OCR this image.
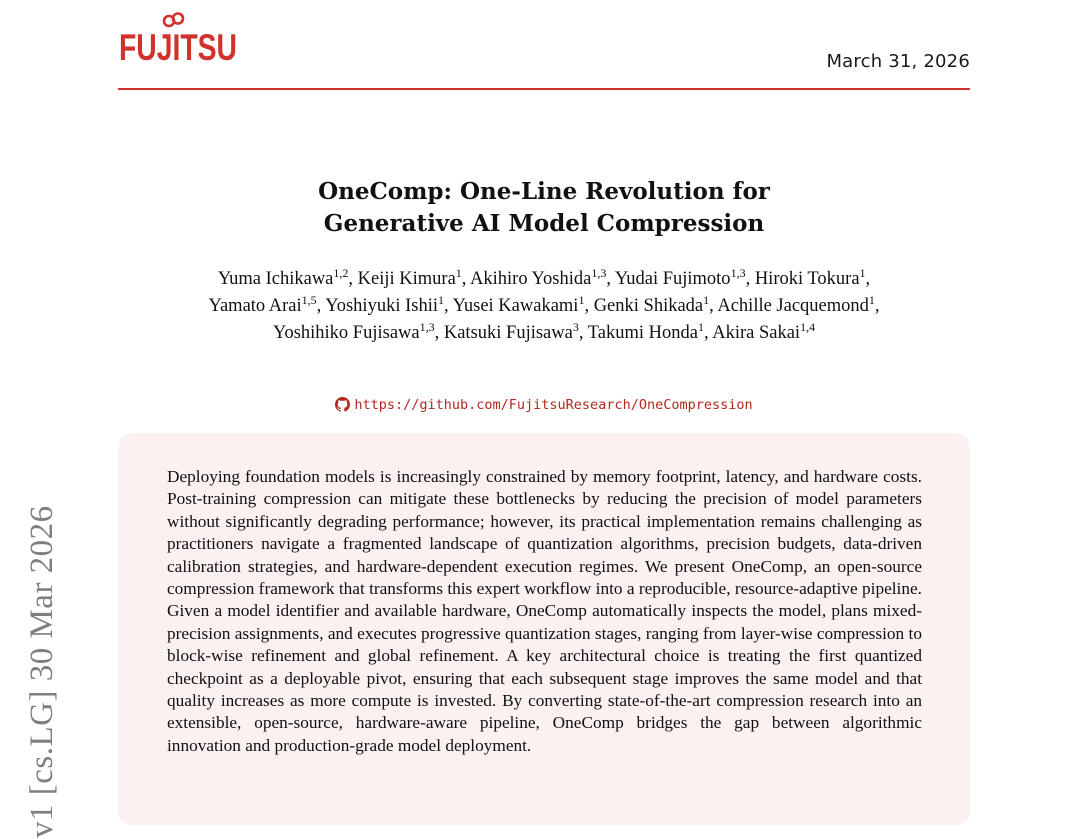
FUJITSU	March 31, 2026
OneComp: One-Line Revolution for
Generative AI Model Compression
Yuma Ichikawa$^{1,2}$, Keiji Kimura$^1$, Akihiro Yoshida$^{1,3}$, Yudai Fujimoto$^{1,3}$, Hiroki Tokura$^1$,
Yamato Arai$^{1,5}$, Yoshiyuki Ishii$^1$, Yusei Kawakami$^1$, Genki Shikada$^1$, Achille Jacquemond$^1$,
Yoshihiko Fujisawa$^{1,3}$, Katsuki Fujisawa$^3$, Takumi Honda$^1$, Akira Sakai$^{1,4}$
https://github.com/FujitsuResearch/OneCompression
Deploying foundation models is increasingly constrained by memory footprint, latency, and hardware costs. Post-training compression can mitigate these bottlenecks by reducing the precision of model parameters without significantly degrading performance; however, its practical implementation remains challenging as practitioners navigate a fragmented landscape of quantization algorithms, precision budgets, data-driven calibration strategies, and hardware-dependent execution regimes. We present OneComp, an open-source compression framework that transforms this expert workflow into a reproducible, resource-adaptive pipeline. Given a model identifier and available hardware, OneComp automatically inspects the model, plans mixed-precision assignments, and executes progressive quantization stages, ranging from layer-wise compression to block-wise refinement and global refinement. A key architectural choice is treating the first quantized checkpoint as a deployable pivot, ensuring that each subsequent stage improves the same model and that quality increases as more compute is invested. By converting state-of-the-art compression research into an extensible, open-source, hardware-aware pipeline, OneComp bridges the gap between algorithmic innovation and production-grade model deployment.
v1 [cs.LG] 30 Mar 2026
